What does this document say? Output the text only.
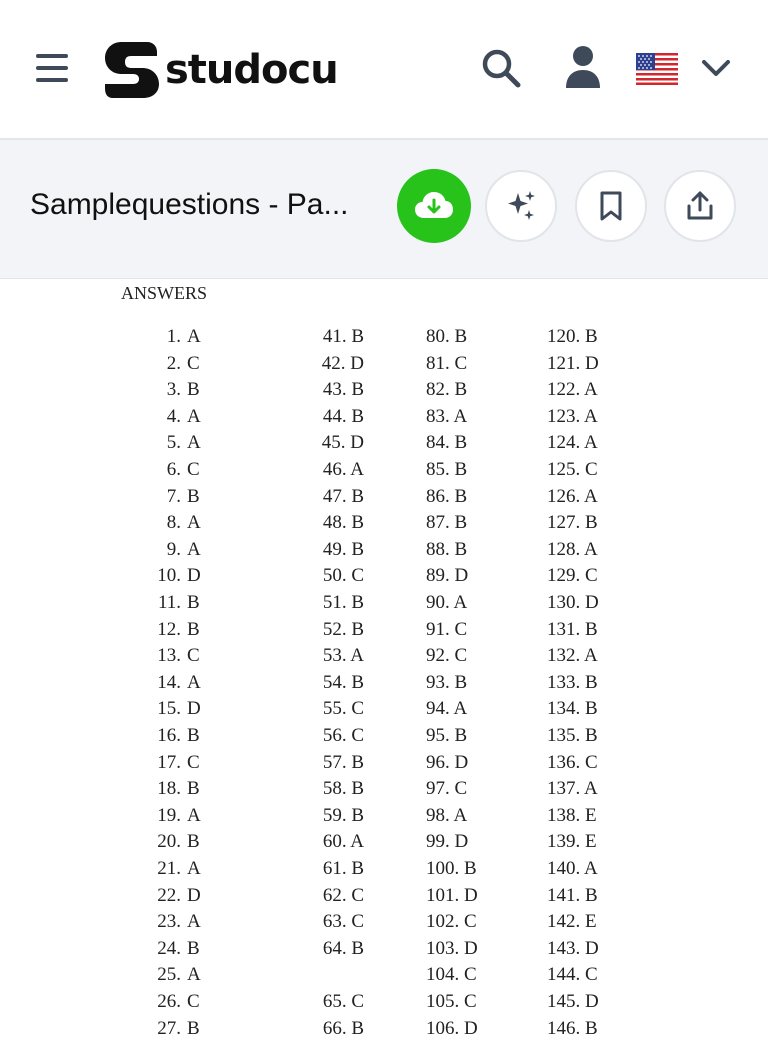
studocu
Samplequestions - Pa...
ANSWERS
1. A
2. C
3. B
4. A
5. A
6. C
7. B
8. A
9. A
10. D
11. B
12. B
13. C
14. A
15. D
16. B
17. C
18. B
19. A
20. B
21. A
22. D
23. A
24. B
25. A
26. C
27. B
41. B
42. D
43. B
44. B
45. D
46. A
47. B
48. B
49. B
50. C
51. B
52. B
53. A
54. B
55. C
56. C
57. B
58. B
59. B
60. A
61. B
62. C
63. C
64. B
65. C
66. B
80. B
81. C
82. B
83. A
84. B
85. B
86. B
87. B
88. B
89. D
90. A
91. C
92. C
93. B
94. A
95. B
96. D
97. C
98. A
99. D
100. B
101. D
102. C
103. D
104. C
105. C
106. D
120. B
121. D
122. A
123. A
124. A
125. C
126. A
127. B
128. A
129. C
130. D
131. B
132. A
133. B
134. B
135. B
136. C
137. A
138. E
139. E
140. A
141. B
142. E
143. D
144. C
145. D
146. B
